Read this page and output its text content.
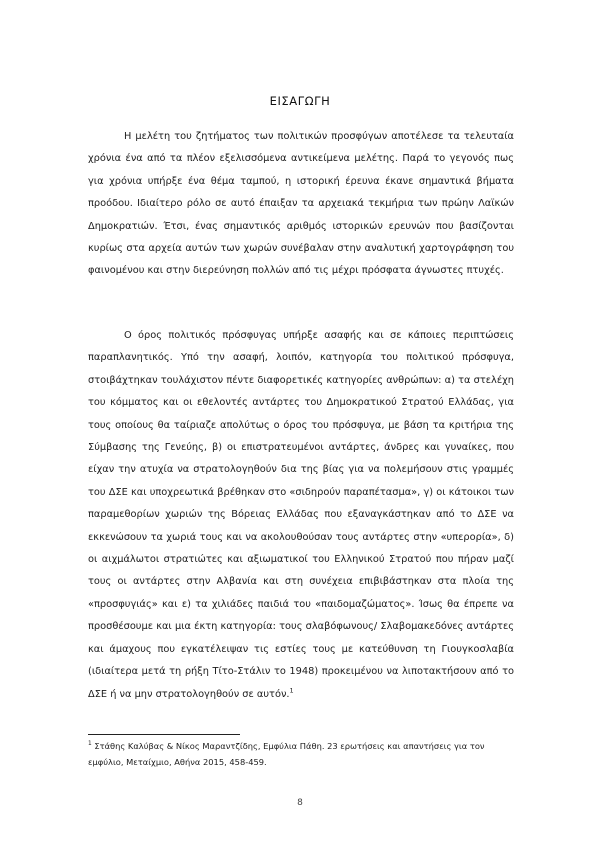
ΕΙΣΑΓΩΓΗ

Η μελέτη του ζητήματος των πολιτικών προσφύγων αποτέλεσε τα τελευταία χρόνια ένα από τα πλέον εξελισσόμενα αντικείμενα μελέτης. Παρά το γεγονός πως για χρόνια υπήρξε ένα θέμα ταμπού, η ιστορική έρευνα έκανε σημαντικά βήματα προόδου. Ιδιαίτερο ρόλο σε αυτό έπαιξαν τα αρχειακά τεκμήρια των πρώην Λαϊκών Δημοκρατιών. Έτσι, ένας σημαντικός αριθμός ιστορικών ερευνών που βασίζονται κυρίως στα αρχεία αυτών των χωρών συνέβαλαν στην αναλυτική χαρτογράφηση του φαινομένου και στην διερεύνηση πολλών από τις μέχρι πρόσφατα άγνωστες πτυχές.

Ο όρος πολιτικός πρόσφυγας υπήρξε ασαφής και σε κάποιες περιπτώσεις παραπλανητικός. Υπό την ασαφή, λοιπόν, κατηγορία του πολιτικού πρόσφυγα, στοιβάχτηκαν τουλάχιστον πέντε διαφορετικές κατηγορίες ανθρώπων: α) τα στελέχη του κόμματος και οι εθελοντές αντάρτες του Δημοκρατικού Στρατού Ελλάδας, για τους οποίους θα ταίριαζε απολύτως ο όρος του πρόσφυγα, με βάση τα κριτήρια της Σύμβασης της Γενεύης, β) οι επιστρατευμένοι αντάρτες, άνδρες και γυναίκες, που είχαν την ατυχία να στρατολογηθούν δια της βίας για να πολεμήσουν στις γραμμές του ΔΣΕ και υποχρεωτικά βρέθηκαν στο «σιδηρούν παραπέτασμα», γ) οι κάτοικοι των παραμεθορίων χωριών της Βόρειας Ελλάδας που εξαναγκάστηκαν από το ΔΣΕ να εκκενώσουν τα χωριά τους και να ακολουθούσαν τους αντάρτες στην «υπερορία», δ) οι αιχμάλωτοι στρατιώτες και αξιωματικοί του Ελληνικού Στρατού που πήραν μαζί τους οι αντάρτες στην Αλβανία και στη συνέχεια επιβιβάστηκαν στα πλοία της «προσφυγιάς» και ε) τα χιλιάδες παιδιά του «παιδομαζώματος». Ίσως θα έπρεπε να προσθέσουμε και μια έκτη κατηγορία: τους σλαβόφωνους/ Σλαβομακεδόνες αντάρτες και άμαχους που εγκατέλειψαν τις εστίες τους με κατεύθυνση τη Γιουγκοσλαβία (ιδιαίτερα μετά τη ρήξη Τίτο-Στάλιν το 1948) προκειμένου να λιποτακτήσουν από το ΔΣΕ ή να μην στρατολογηθούν σε αυτόν.$^1$

$^1$ Στάθης Καλύβας & Νίκος Μαραντζίδης, Εμφύλια Πάθη. 23 ερωτήσεις και απαντήσεις για τον εμφύλιο, Μεταίχμιο, Αθήνα 2015, 458-459.

8
